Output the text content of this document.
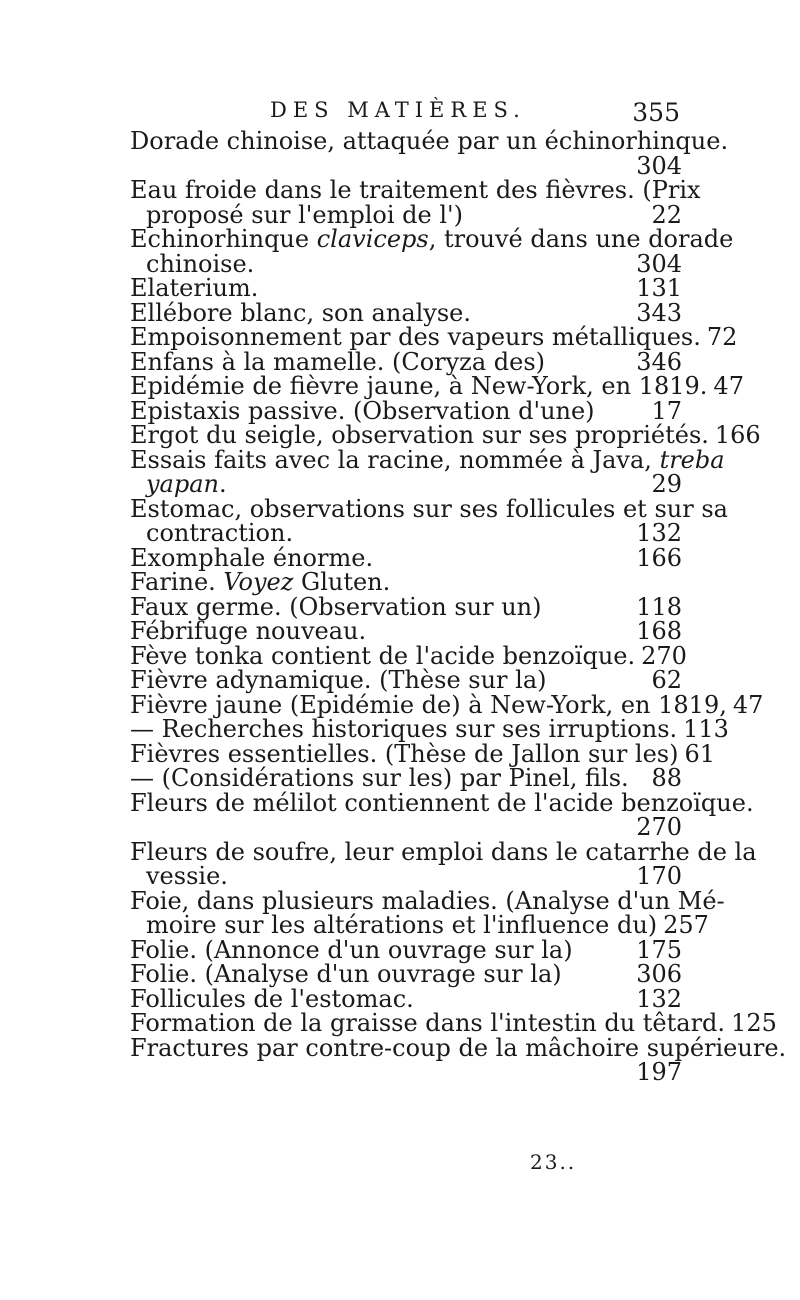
DES MATIÈRES.	355
Dorade chinoise, attaquée par un échinorhinque.
304
Eau froide dans le traitement des fièvres. (Prix
proposé sur l'emploi de l')	22
Echinorhinque claviceps, trouvé dans une dorade
chinoise.	304
Elaterium.	131
Ellébore blanc, son analyse.	343
Empoisonnement par des vapeurs métalliques. 72
Enfans à la mamelle. (Coryza des)	346
Epidémie de fièvre jaune, à New-York, en 1819. 47
Epistaxis passive. (Observation d'une) 17
Ergot du seigle, observation sur ses propriétés. 166
Essais faits avec la racine, nommée à Java, treba
yapan.	29
Estomac, observations sur ses follicules et sur sa
contraction.	132
Exomphale énorme.	166
Farine. Voyez Gluten.
Faux germe. (Observation sur un)	118
Fébrifuge nouveau.	168
Fève tonka contient de l'acide benzoïque. 270
Fièvre adynamique. (Thèse sur la)	62
Fièvre jaune (Epidémie de) à New-York, en 1819, 47
— Recherches historiques sur ses irruptions. 113
Fièvres essentielles. (Thèse de Jallon sur les) 61
— (Considérations sur les) par Pinel, fils. 88
Fleurs de mélilot contiennent de l'acide benzoïque.
270
Fleurs de soufre, leur emploi dans le catarrhe de la
vessie.	170
Foie, dans plusieurs maladies. (Analyse d'un Mé-
moire sur les altérations et l'influence du) 257
Folie. (Annonce d'un ouvrage sur la)	175
Folie. (Analyse d'un ouvrage sur la)	306
Follicules de l'estomac.	132
Formation de la graisse dans l'intestin du têtard. 125
Fractures par contre-coup de la mâchoire supérieure.
197
23..
